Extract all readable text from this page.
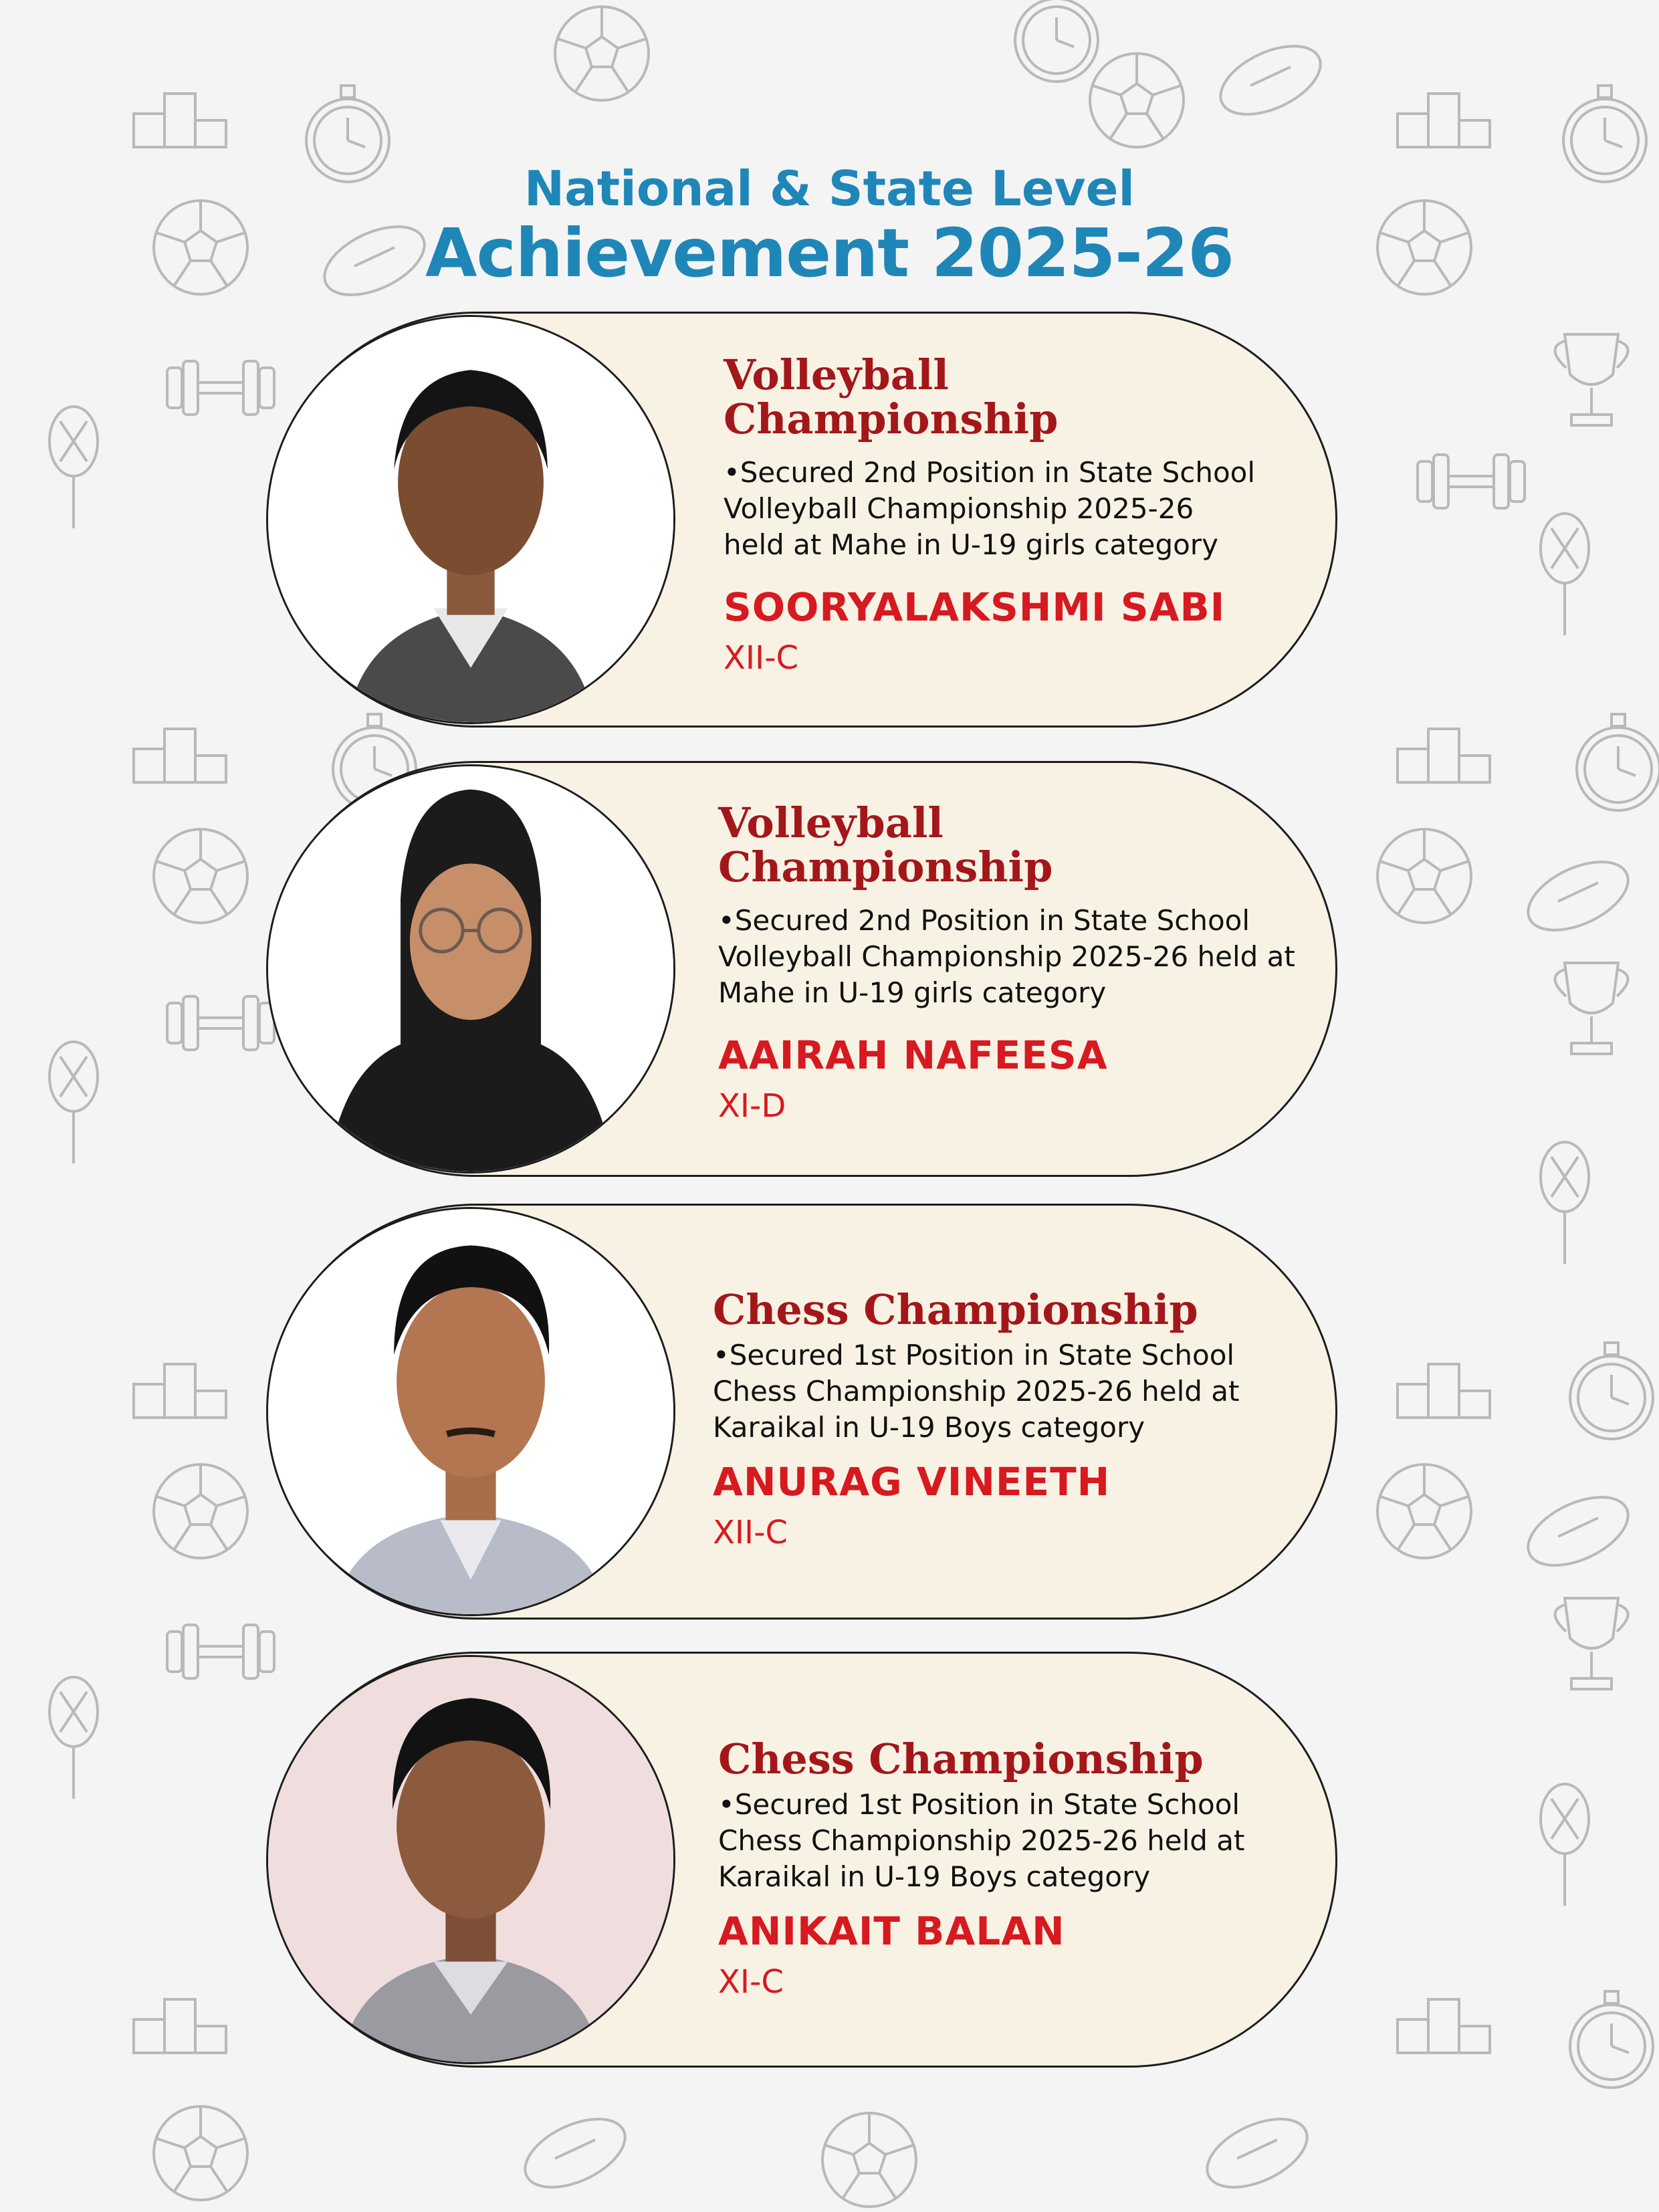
National & State Level
Achievement 2025-26
Volleyball Championship
•Secured 2nd Position in State School
Volleyball Championship 2025-26
held at Mahe in U-19 girls category
SOORYALAKSHMI SABI
XII-C
Volleyball Championship
•Secured 2nd Position in State School
Volleyball Championship 2025-26 held at
Mahe in U-19 girls category
AAIRAH NAFEESA
XI-D
Chess Championship
•Secured 1st Position in State School
Chess Championship 2025-26 held at
Karaikal in U-19 Boys category
ANURAG VINEETH
XII-C
Chess Championship
•Secured 1st Position in State School
Chess Championship 2025-26 held at
Karaikal in U-19 Boys category
ANIKAIT BALAN
XI-C
